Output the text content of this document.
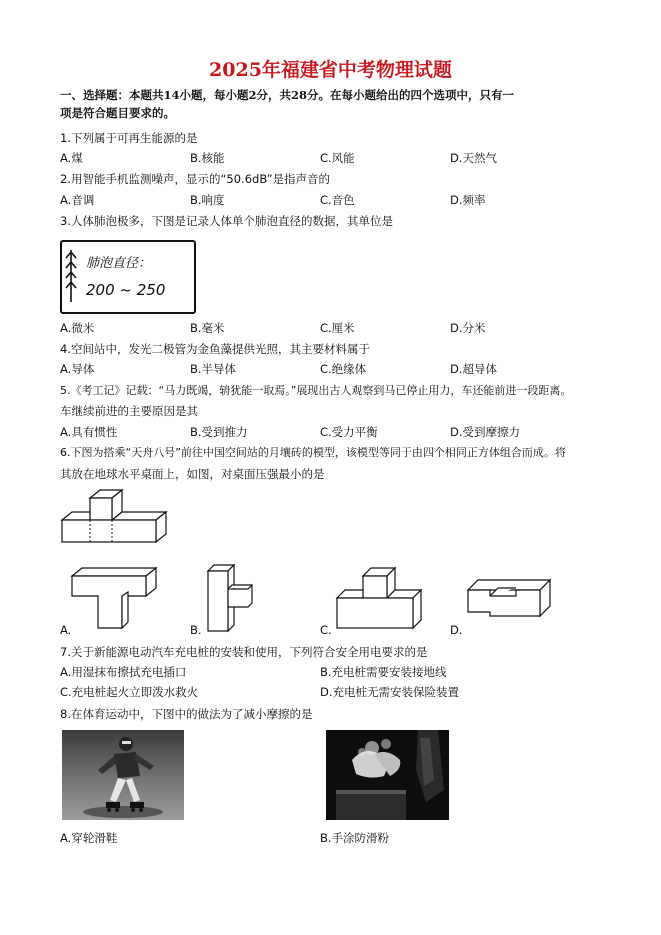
2025年福建省中考物理试题
一、选择题：本题共14小题，每小题2分，共28分。在每小题给出的四个选项中，只有一
项是符合题目要求的。
1.下列属于可再生能源的是
A.煤	B.核能	C.风能	D.天然气
2.用智能手机监测噪声，显示的“50.6dB”是指声音的
A.音调	B.响度	C.音色	D.频率
3.人体肺泡极多，下图是记录人体单个肺泡直径的数据，其单位是
肺泡直径：
200 ~ 250
A.微米	B.毫米	C.厘米	D.分米
4.空间站中，发光二极管为金鱼藻提供光照，其主要材料属于
A.导体	B.半导体	C.绝缘体	D.超导体
5.《考工记》记载：“马力既竭，辀犹能一取焉。”展现出古人观察到马已停止用力，车还能前进一段距离。
车继续前进的主要原因是其
A.具有惯性	B.受到推力	C.受力平衡	D.受到摩擦力
6.下图为搭乘“天舟八号”前往中国空间站的月壤砖的模型，该模型等同于由四个相同正方体组合而成。将
其放在地球水平桌面上，如图，对桌面压强最小的是
A.	B.	C.	D.
7.关于新能源电动汽车充电桩的安装和使用，下列符合安全用电要求的是
A.用湿抹布擦拭充电插口	B.充电桩需要安装接地线
C.充电桩起火立即泼水救火	D.充电桩无需安装保险装置
8.在体育运动中，下图中的做法为了减小摩擦的是
A.穿轮滑鞋	B.手涂防滑粉
